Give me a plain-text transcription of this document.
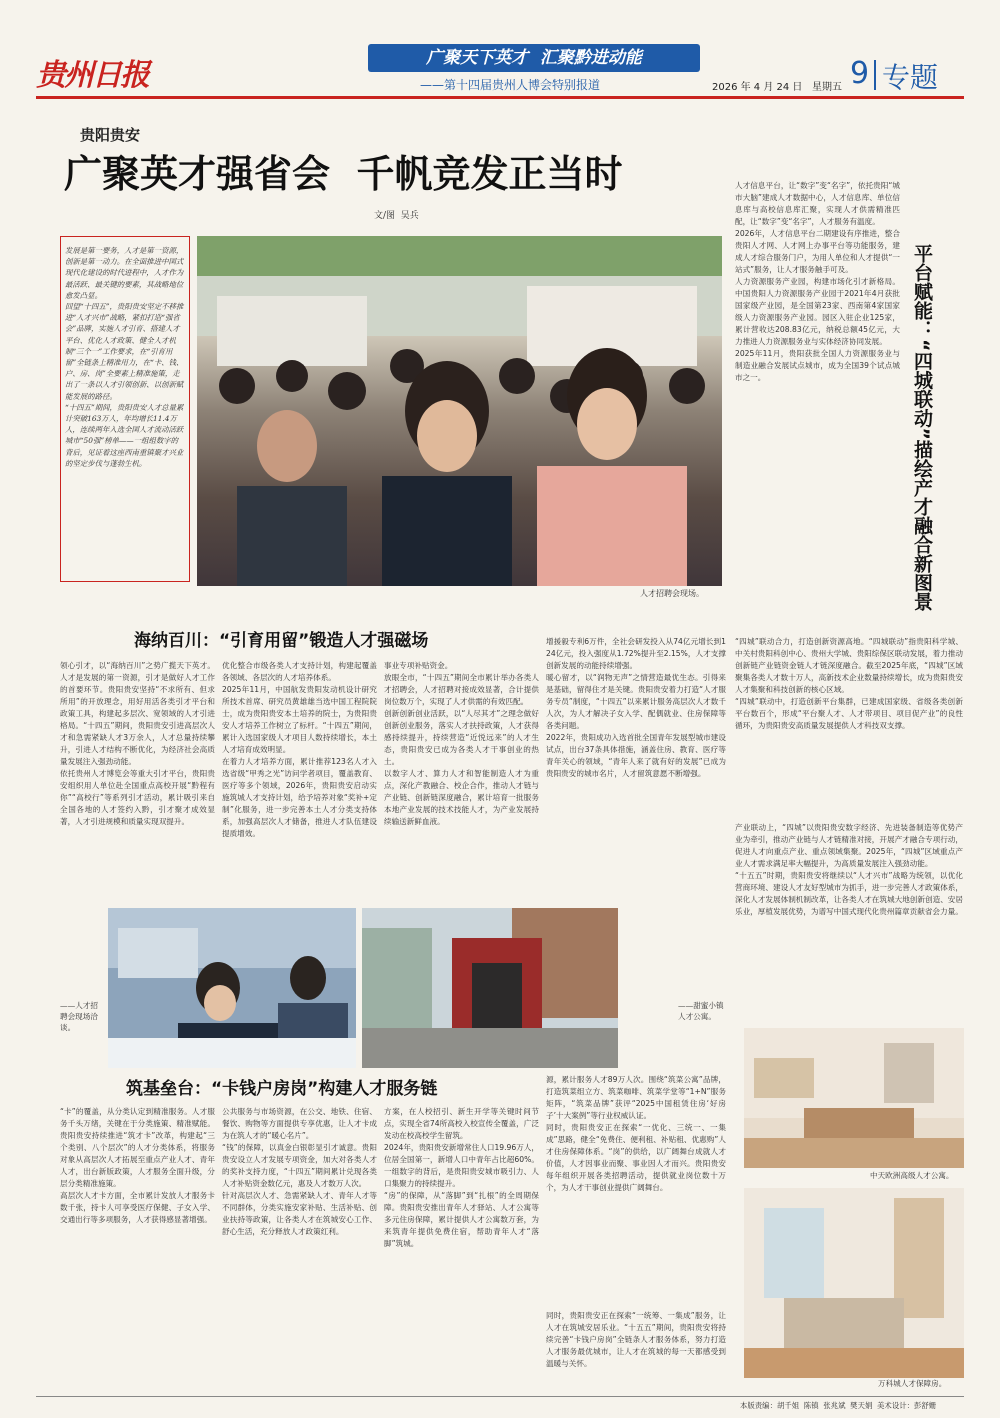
贵州日报	广聚天下英才  汇聚黔进动能
——第十四届贵州人博会特别报道	2026 年 4 月 24 日 星期五 9 专题
贵阳贵安
广聚英才强省会  千帆竞发正当时
文/图  吴兵
发展是第一要务，人才是第一资源，创新是第一动力。在全面推进中国式现代化建设的时代进程中，人才作为最活跃、最关键的要素，其战略地位愈发凸显。
回望“十四五”，贵阳贵安坚定不移推进“人才兴市”战略，紧扣打造“强省会”品牌，实施人才引育、搭建人才平台、优化人才政策、健全人才机制“三个一”工作要求，在“引育用留”全链条上精准用力，在“卡、钱、户、房、岗”全要素上精准施策，走出了一条以人才引领创新、以创新赋能发展的路径。
“十四五”期间，贵阳贵安人才总量累计突破163万人，年均增长11.4万人，连续两年入选全国人才流动活跃城市“50强”榜单——一组组数字的背后，见证着这座西南重镇聚才兴业的坚定步伐与蓬勃生机。
人才招聘会现场。	平台赋能：“四城联动”描绘产才融合新图景
人才信息平台，让“数字”变“名字”，依托贵阳“城市大脑”建成人才数据中心，人才信息库、单位信息库与高校信息库汇聚，实现人才供需精准匹配，让“数字”变“名字”，人才服务有温度。
2026年，人才信息平台二期建设有序推进，整合贵阳人才网、人才网上办事平台等功能服务，建成人才综合服务门户，为用人单位和人才提供“一站式”服务，让人才服务触手可及。
人力资源服务产业园，构建市场化引才新格局。中国贵阳人力资源服务产业园于2021年4月获批国家级产业园，是全国第23家、西南第4家国家级人力资源服务产业园。园区入驻企业125家，累计营收达208.83亿元，纳税总额45亿元，大力推进人力资源服务业与实体经济协同发展。
2025年11月，贵阳获批全国人力资源服务业与制造业融合发展试点城市，成为全国39个试点城市之一。
“四城”联动合力，打造创新资源高地。“四城联动”指贵阳科学城、中关村贵阳科创中心、贵州大学城、贵阳综保区联动发展，着力推动创新链产业链资金链人才链深度融合。截至2025年底，“四城”区域聚集各类人才数十万人，高新技术企业数量持续增长，成为贵阳贵安人才集聚和科技创新的核心区域。
“四城”联动中，打造创新平台集群，已建成国家级、省级各类创新平台数百个，形成“平台聚人才、人才带项目、项目促产业”的良性循环，为贵阳贵安高质量发展提供人才科技双支撑。
产业联动上，“四城”以贵阳贵安数字经济、先进装备制造等优势产业为牵引，推动产业链与人才链精准对接，开展产才融合专项行动，促进人才向重点产业、重点领域集聚。2025年，“四城”区域重点产业人才需求满足率大幅提升，为高质量发展注入强劲动能。
“十五五”时期，贵阳贵安将继续以“人才兴市”战略为统领，以优化营商环境、建设人才友好型城市为抓手，进一步完善人才政策体系，深化人才发展体制机制改革，让各类人才在筑城大地创新创造、安居乐业，厚植发展优势，为谱写中国式现代化贵州篇章贡献省会力量。
海纳百川：“引育用留”锻造人才强磁场
领心引才，以“海纳百川”之势广揽天下英才。人才是发展的第一资源，引才是做好人才工作的首要环节。贵阳贵安坚持“不求所有、但求所用”的开放理念，用好用活各类引才平台和政策工具，构建起多层次、宽领域的人才引进格局。“十四五”期间，贵阳贵安引进高层次人才和急需紧缺人才3万余人，人才总量持续攀升，引进人才结构不断优化，为经济社会高质量发展注入强劲动能。
依托贵州人才博览会等重大引才平台，贵阳贵安组织用人单位赴全国重点高校开展“黔程有你”“高校行”等系列引才活动，累计吸引来自全国各地的人才签约入黔，引才聚才成效显著，人才引进规模和质量实现双提升。
优化整合市级各类人才支持计划，构建起覆盖各领域、各层次的人才培养体系。
2025年11月，中国航发贵阳发动机设计研究所技术首席、研究员黄雄雄当选中国工程院院士，成为贵阳贵安本土培养的院士，为贵阳贵安人才培养工作树立了标杆。“十四五”期间，累计入选国家级人才项目人数持续增长，本土人才培育成效明显。
在着力人才培养方面，累计推荐123名人才入选省级“甲秀之光”访问学者项目，覆盖教育、医疗等多个领域，2026年，贵阳贵安启动实施筑城人才支持计划，给予培养对象“奖补+定制”化服务，进一步完善本土人才分类支持体系，加强高层次人才储备，推进人才队伍建设提质增效。
事业专项补贴资金。
放眼全市，“十四五”期间全市累计举办各类人才招聘会，人才招聘对接成效显著，合计提供岗位数万个，实现了人才供需的有效匹配。
创新创新创业活跃，以“人尽其才”之理念做好创新创业服务，落实人才扶持政策，人才获得感持续提升，持续营造“近悦远来”的人才生态，贵阳贵安已成为各类人才干事创业的热土。
以数字人才、算力人才和智能制造人才为重点，深化产教融合、校企合作，推动人才链与产业链、创新链深度融合，累计培育一批服务本地产业发展的技术技能人才，为产业发展持续输送新鲜血液。
增援毅专利6万件，全社会研发投入从74亿元增长到124亿元，投入强度从1.72%提升至2.15%，人才支撑创新发展的动能持续增强。
暖心留才，以“润物无声”之情营造最优生态。引得来是基础，留得住才是关键。贵阳贵安着力打造“人才服务专员”制度，“十四五”以来累计服务高层次人才数千人次，为人才解决子女入学、配偶就业、住房保障等各类问题。
2022年，贵阳成功入选首批全国青年发展型城市建设试点，出台37条具体措施，涵盖住房、教育、医疗等青年关心的领域，“青年人来了就有好的发展”已成为贵阳贵安的城市名片，人才留筑意愿不断增强。
——人才招聘会现场洽谈。
——甜蜜小镇人才公寓。
中天欧洲高级人才公寓。
万科城人才保障房。
筑基垒台：“卡钱户房岗”构建人才服务链
“卡”的覆盖，从分类认定到精准服务。人才服务千头万绪，关键在于分类施策、精准赋能。贵阳贵安持续推进“筑才卡”改革，构建起“三个类别、八个层次”的人才分类体系，将服务对象从高层次人才拓展至重点产业人才、青年人才，出台新版政策，人才服务全面升级，分层分类精准施策。
高层次人才卡方面，全市累计发放人才服务卡数千张，持卡人可享受医疗保健、子女入学、交通出行等多项服务，人才获得感显著增强。
公共服务与市场资源，在公交、地铁、住宿、餐饮、购物等方面提供专享优惠，让人才卡成为在筑人才的“暖心名片”。
“钱”的保障，以真金白银彰显引才诚意。贵阳贵安设立人才发展专项资金，加大对各类人才的奖补支持力度，“十四五”期间累计兑现各类人才补贴资金数亿元，惠及人才数万人次。
针对高层次人才、急需紧缺人才、青年人才等不同群体，分类实施安家补贴、生活补贴、创业扶持等政策，让各类人才在筑城安心工作、舒心生活，充分释放人才政策红利。
方案，在人校招引、新生开学等关键时间节点，实现全省74所高校入校宣传全覆盖，广泛发动在校高校学生留筑。
2024年，贵阳贵安新增常住人口19.96万人，位居全国第一，新增人口中青年占比超60%。一组数字的背后，是贵阳贵安城市吸引力、人口集聚力的持续提升。
“房”的保障，从“落脚”到“扎根”的全周期保障。贵阳贵安推出青年人才驿站、人才公寓等多元住房保障，累计提供人才公寓数万套，为来筑青年提供免费住宿，帮助青年人才“落脚”筑城。
源，累计服务人才89万人次。围绕“筑菜公寓”品牌，打造筑菜组立方、筑菜咖啡、筑菜学堂等“1+N”服务矩阵，“筑菜品牌”获评“2025中国租赁住房‘好房子’十大案例”等行业权威认证。
同时，贵阳贵安正在探索“一优化、三统一、一集成”思路，健全“免费住、便利租、补贴租、优惠购”人才住房保障体系。“岗”的供给，以广阔舞台成就人才价值，人才因事业而聚、事业因人才而兴。贵阳贵安每年组织开展各类招聘活动，提供就业岗位数十万个，为人才干事创业提供广阔舞台。
同时，贵阳贵安正在探索“一统筹、一集成”服务，让人才在筑城安居乐业。“十五五”期间，贵阳贵安将持续完善“卡钱户房岗”全链条人才服务体系，努力打造人才服务最优城市，让人才在筑城的每一天都感受到温暖与关怀。
本版责编：胡千姐  陈镇  张兆斌  樊天娟  美术设计：彭舒姗
